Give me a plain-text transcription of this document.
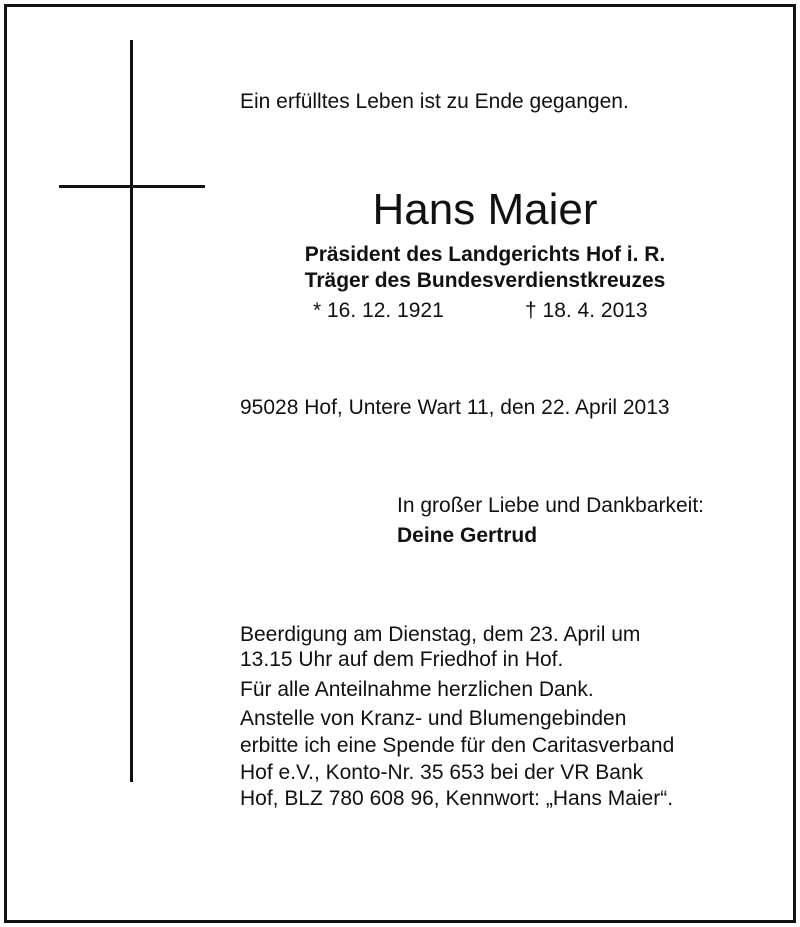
Ein erfülltes Leben ist zu Ende gegangen.
Hans Maier
Präsident des Landgerichts Hof i. R.
Träger des Bundesverdienstkreuzes
* 16. 12. 1921	† 18. 4. 2013
95028 Hof, Untere Wart 11, den 22. April 2013
In großer Liebe und Dankbarkeit:
Deine Gertrud
Beerdigung am Dienstag, dem 23. April um
13.15 Uhr auf dem Friedhof in Hof.
Für alle Anteilnahme herzlichen Dank.
Anstelle von Kranz- und Blumengebinden
erbitte ich eine Spende für den Caritasverband
Hof e.V., Konto-Nr. 35 653 bei der VR Bank
Hof, BLZ 780 608 96, Kennwort: „Hans Maier“.
